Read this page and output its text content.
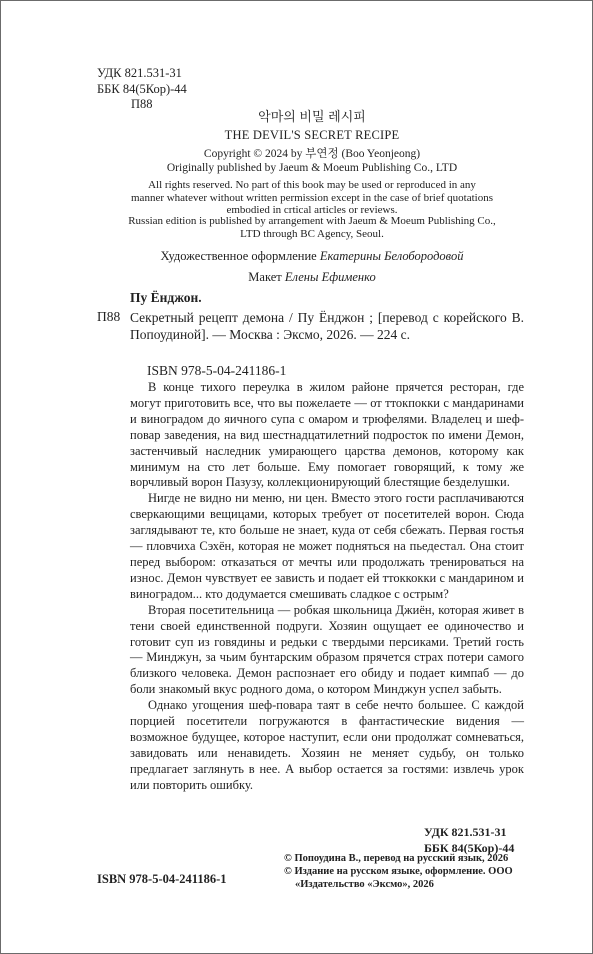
УДК 821.531-31
ББК 84(5Кор)-44
П88
악마의 비밀 레시피
THE DEVIL'S SECRET RECIPE
Copyright © 2024 by 부연정 (Boo Yeonjeong)
Originally published by Jaeum & Moeum Publishing Co., LTD
All rights reserved. No part of this book may be used or reproduced in any
manner whatever without written permission except in the case of brief quotations
embodied in crtical articles or reviews.
Russian edition is published by arrangement with Jaeum & Moeum Publishing Co.,
LTD through BC Agency, Seoul.
Художественное оформление Екатерины Белобородовой
Макет Елены Ефименко
Пу Ёнджон.
П88 Секретный рецепт демона / Пу Ёнджон ; [перевод с корейского В. Попоудиной]. — Москва : Эксмо, 2026. — 224 с.
ISBN 978-5-04-241186-1

В конце тихого переулка в жилом районе прячется ресторан, где могут приготовить все, что вы пожелаете — от ттокпокки с мандаринами и виноградом до яичного супа с омаром и трюфелями. Владелец и шеф-повар заведения, на вид шестнадцатилетний подросток по имени Демон, застенчивый наследник умирающего царства демонов, которому как минимум на сто лет больше. Ему помогает говорящий, к тому же ворчливый ворон Пазузу, коллекционирующий блестящие безделушки.

Нигде не видно ни меню, ни цен. Вместо этого гости расплачиваются сверкающими вещицами, которых требует от посетителей ворон. Сюда заглядывают те, кто больше не знает, куда от себя сбежать. Первая гостья — пловчиха Сэхён, которая не может подняться на пьедестал. Она стоит перед выбором: отказаться от мечты или продолжать тренироваться на износ. Демон чувствует ее зависть и подает ей ттоккокки с мандарином и виноградом... кто додумается смешивать сладкое с острым?

Вторая посетительница — робкая школьница Джиён, которая живет в тени своей единственной подруги. Хозяин ощущает ее одиночество и готовит суп из говядины и редьки с твердыми персиками. Третий гость — Минджун, за чьим бунтарским образом прячется страх потери самого близкого человека. Демон распознает его обиду и подает кимпаб — до боли знакомый вкус родного дома, о котором Минджун успел забыть.

Однако угощения шеф-повара таят в себе нечто большее. С каждой порцией посетители погружаются в фантастические видения — возможное будущее, которое наступит, если они продолжат сомневаться, завидовать или ненавидеть. Хозяин не меняет судьбу, он только предлагает заглянуть в нее. А выбор остается за гостями: извлечь урок или повторить ошибку.

УДК 821.531-31
ББК 84(5Кор)-44
ISBN 978-5-04-241186-1
© Попоудина В., перевод на русский язык, 2026
© Издание на русском языке, оформление. ООО
«Издательство «Эксмо», 2026
